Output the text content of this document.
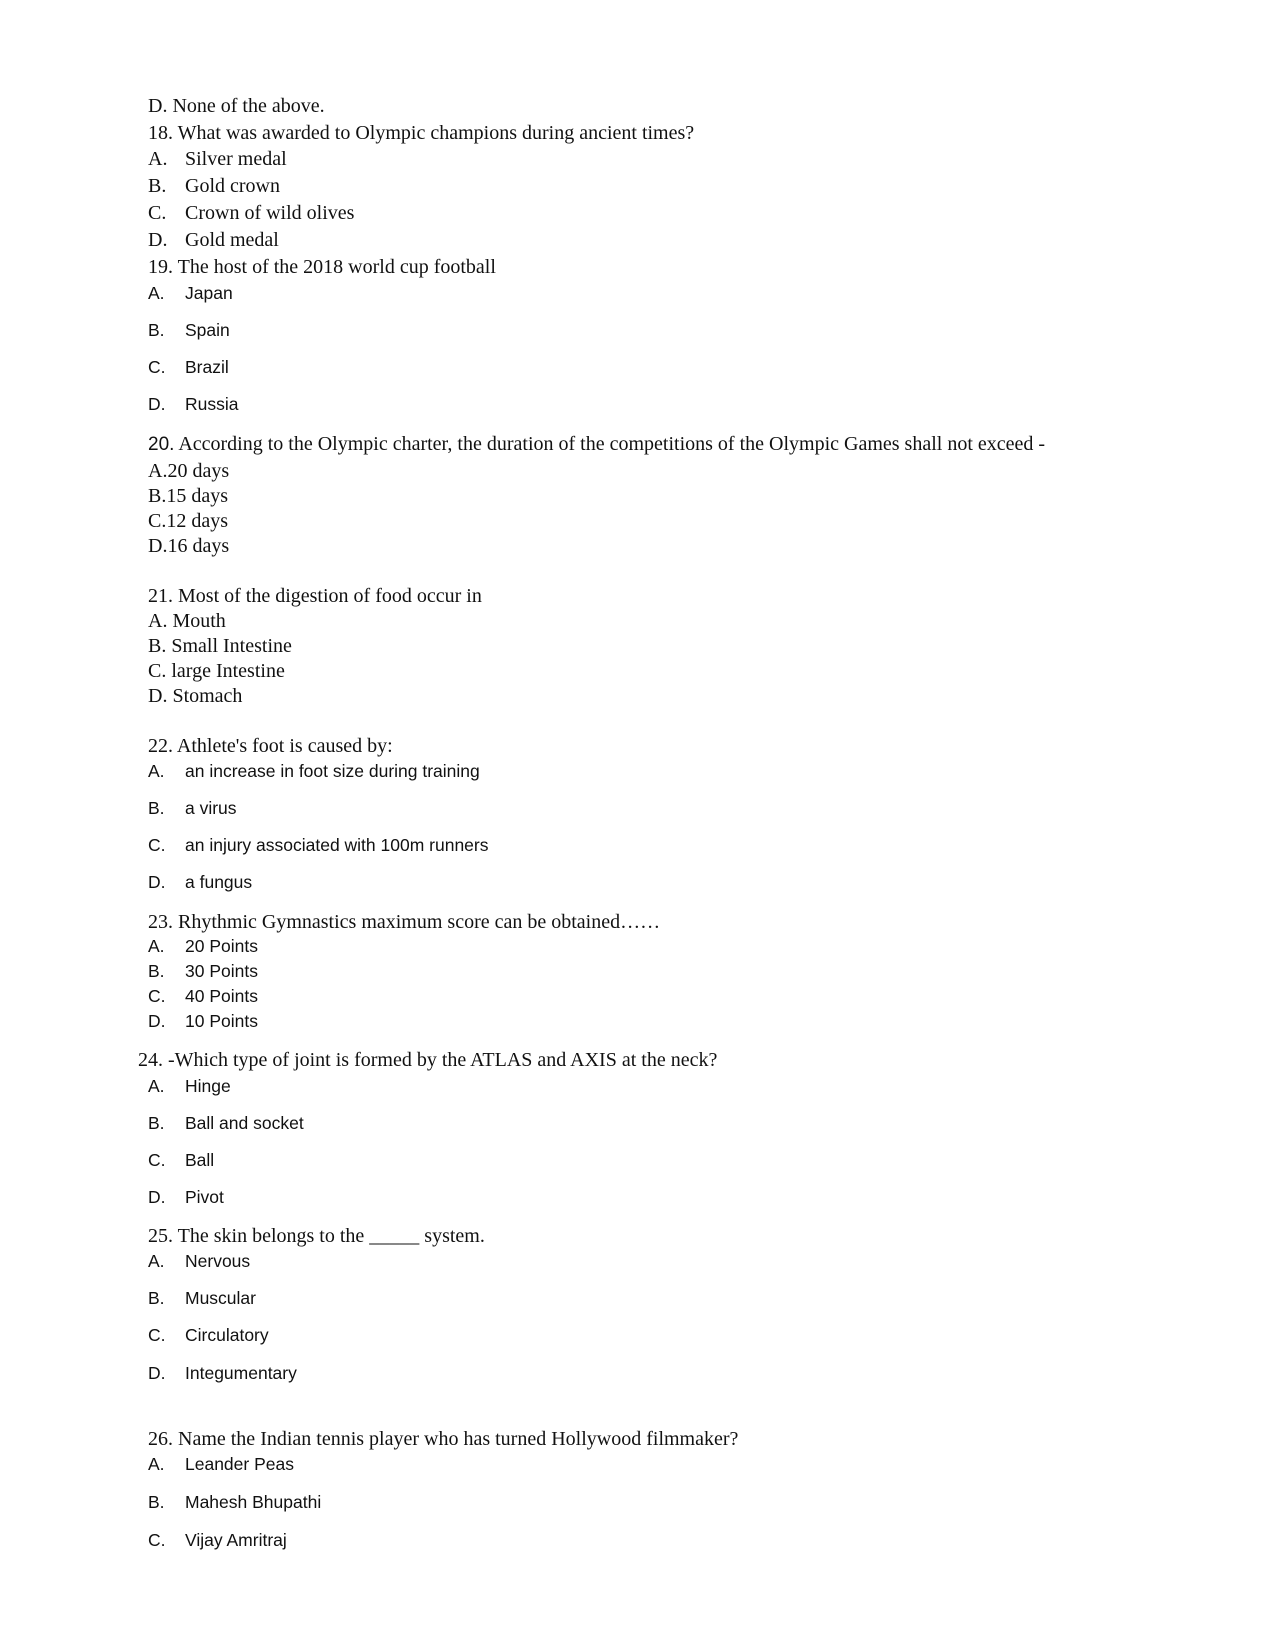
D. None of the above.
18. What was awarded to Olympic champions during ancient times?
A. Silver medal
B. Gold crown
C. Crown of wild olives
D. Gold medal
19. The host of the 2018 world cup football
A. Japan
B. Spain
C. Brazil
D. Russia
20. According to the Olympic charter, the duration of the competitions of the Olympic Games shall not exceed -
A.20 days
B.15 days
C.12 days
D.16 days
21. Most of the digestion of food occur in
A. Mouth
B. Small Intestine
C. large Intestine
D. Stomach
22. Athlete's foot is caused by:
A. an increase in foot size during training
B. a virus
C. an injury associated with 100m runners
D. a fungus
23. Rhythmic Gymnastics maximum score can be obtained……
A. 20 Points
B. 30 Points
C. 40 Points
D. 10 Points
24. -Which type of joint is formed by the ATLAS and AXIS at the neck?
A. Hinge
B. Ball and socket
C. Ball
D. Pivot
25. The skin belongs to the _____ system.
A. Nervous
B. Muscular
C. Circulatory
D. Integumentary
26. Name the Indian tennis player who has turned Hollywood filmmaker?
A. Leander Peas
B. Mahesh Bhupathi
C. Vijay Amritraj
